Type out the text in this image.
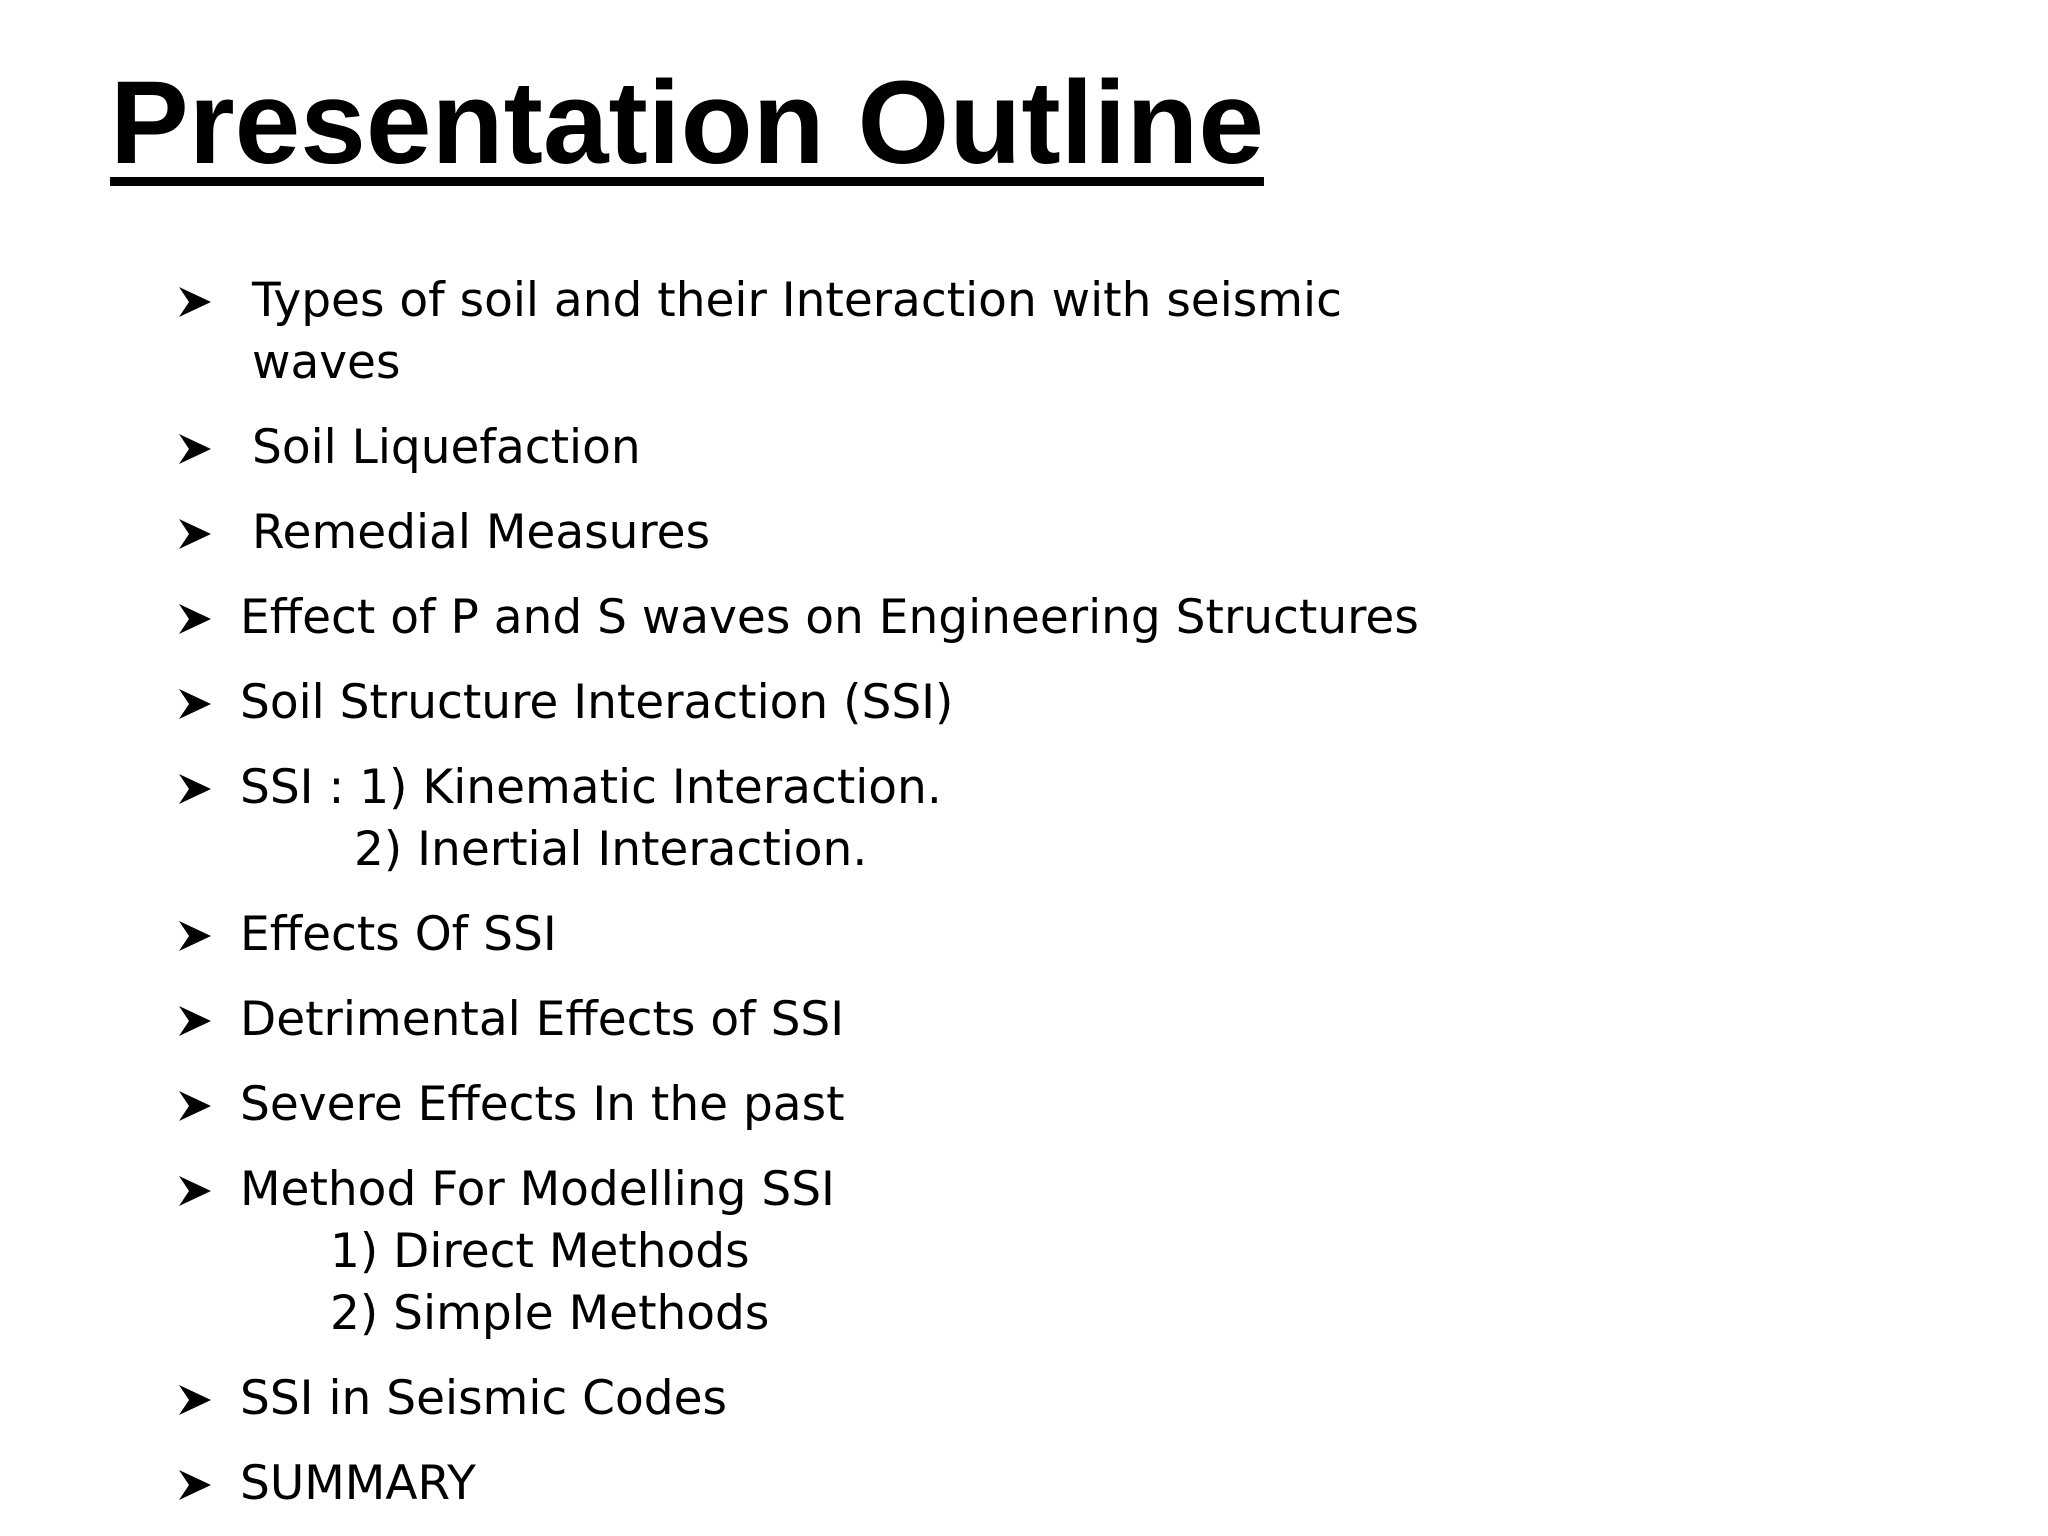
Presentation Outline
Types of soil and their Interaction with seismic waves
Soil Liquefaction
Remedial Measures
Effect of P and S waves on Engineering Structures
Soil Structure Interaction (SSI)
SSI : 1) Kinematic Interaction.
2) Inertial Interaction.
Effects Of SSI
Detrimental Effects of SSI
Severe Effects In the past
Method For Modelling SSI
1) Direct Methods
2) Simple Methods
SSI in Seismic Codes
SUMMARY
